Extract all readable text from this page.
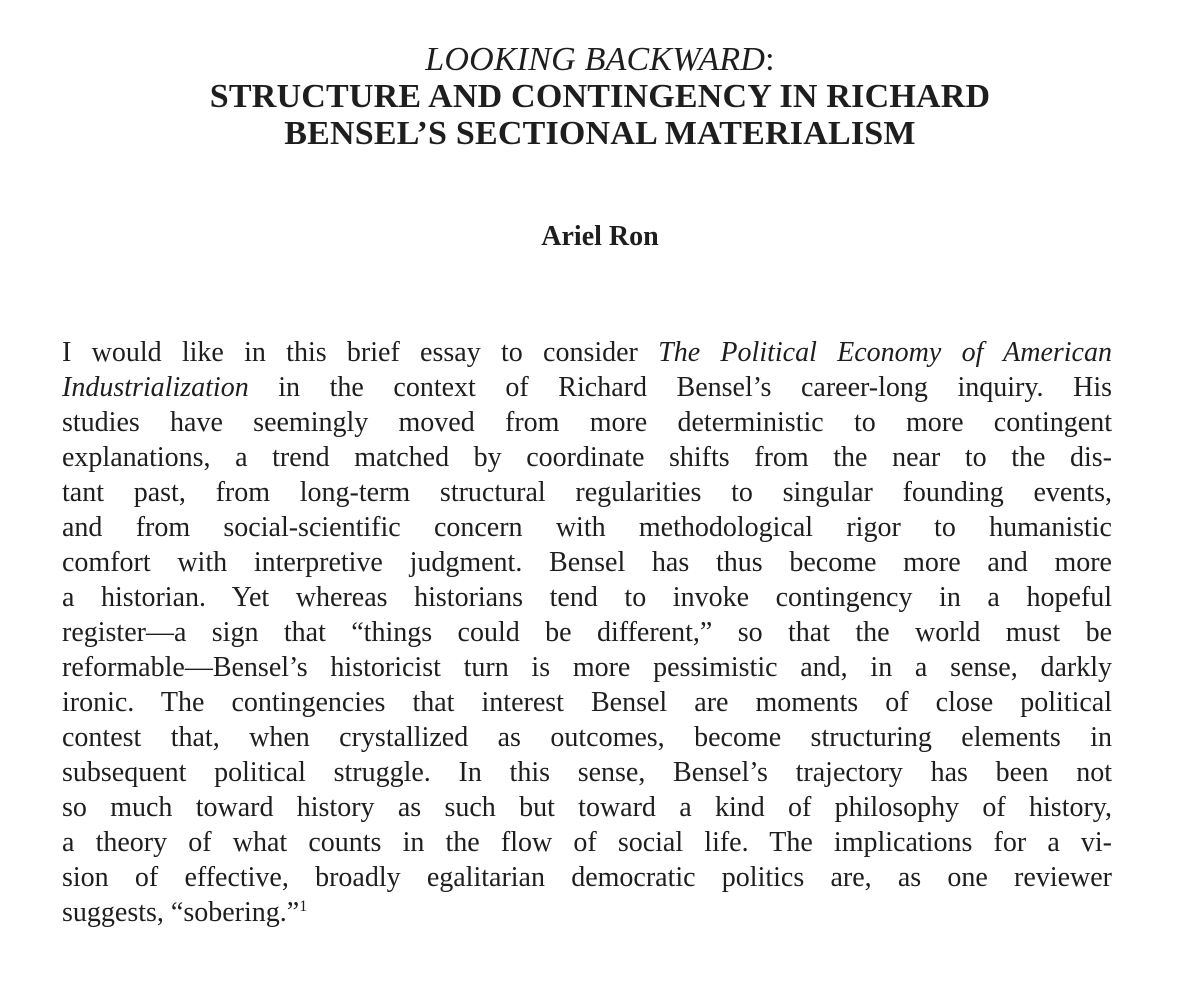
LOOKING BACKWARD:
STRUCTURE AND CONTINGENCY IN RICHARD
BENSEL’S SECTIONAL MATERIALISM
Ariel Ron
I would like in this brief essay to consider The Political Economy of American
Industrialization in the context of Richard Bensel’s career-long inquiry. His
studies have seemingly moved from more deterministic to more contingent
explanations, a trend matched by coordinate shifts from the near to the dis-
tant past, from long-term structural regularities to singular founding events,
and from social-scientific concern with methodological rigor to humanistic
comfort with interpretive judgment. Bensel has thus become more and more
a historian. Yet whereas historians tend to invoke contingency in a hopeful
register—a sign that “things could be different,” so that the world must be
reformable—Bensel’s historicist turn is more pessimistic and, in a sense, darkly
ironic. The contingencies that interest Bensel are moments of close political
contest that, when crystallized as outcomes, become structuring elements in
subsequent political struggle. In this sense, Bensel’s trajectory has been not
so much toward history as such but toward a kind of philosophy of history,
a theory of what counts in the flow of social life. The implications for a vi-
sion of effective, broadly egalitarian democratic politics are, as one reviewer
suggests, “sobering.”$^1$
